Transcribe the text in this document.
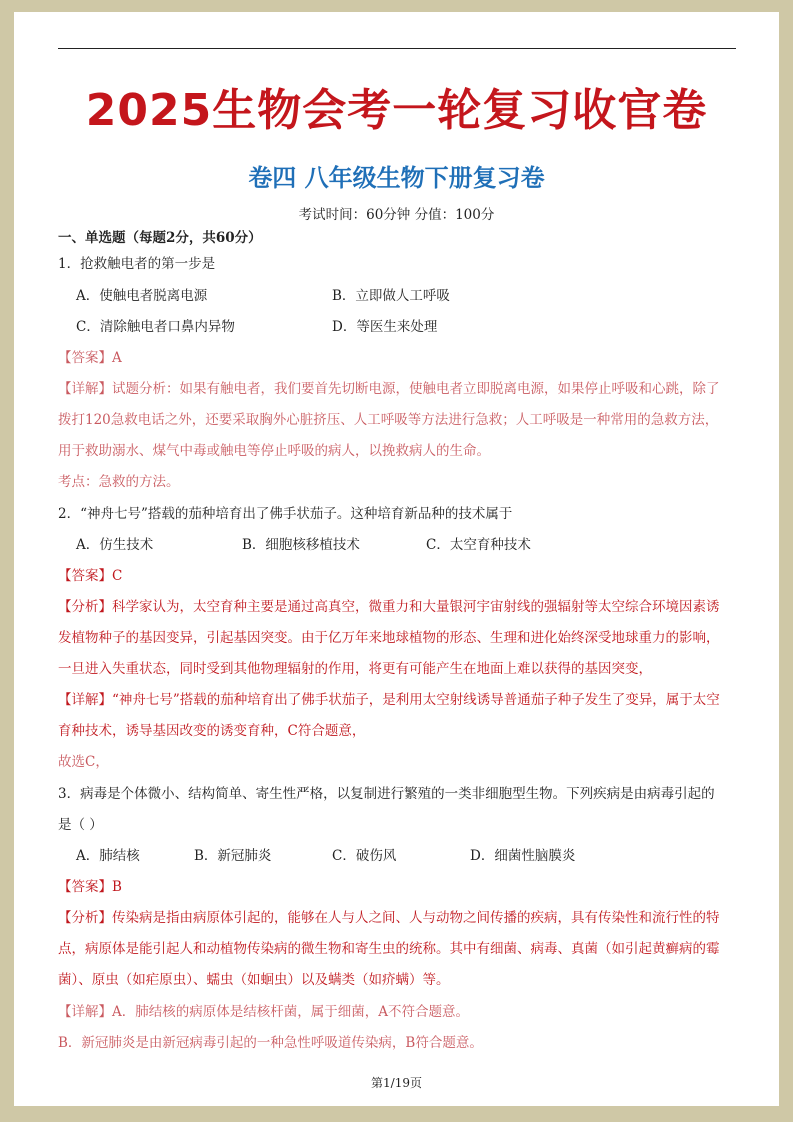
2025生物会考一轮复习收官卷
卷四 八年级生物下册复习卷
考试时间：60分钟 分值：100分
一、单选题（每题2分，共60分）
1．抢救触电者的第一步是
A．使触电者脱离电源	B．立即做人工呼吸
C．清除触电者口鼻内异物	D．等医生来处理
【答案】A
【详解】试题分析：如果有触电者，我们要首先切断电源，使触电者立即脱离电源，如果停止呼吸和心跳，除了
拨打120急救电话之外，还要采取胸外心脏挤压、人工呼吸等方法进行急救；人工呼吸是一种常用的急救方法，
用于救助溺水、煤气中毒或触电等停止呼吸的病人，以挽救病人的生命。
考点：急救的方法。
2．“神舟七号”搭载的茄种培育出了佛手状茄子。这种培育新品种的技术属于
A．仿生技术	B．细胞核移植技术	C．太空育种技术
【答案】C
【分析】科学家认为，太空育种主要是通过高真空，微重力和大量银河宇宙射线的强辐射等太空综合环境因素诱
发植物种子的基因变异，引起基因突变。由于亿万年来地球植物的形态、生理和进化始终深受地球重力的影响，
一旦进入失重状态，同时受到其他物理辐射的作用，将更有可能产生在地面上难以获得的基因突变，
【详解】“神舟七号”搭载的茄种培育出了佛手状茄子，是利用太空射线诱导普通茄子种子发生了变异，属于太空
育种技术，诱导基因改变的诱变育种，C符合题意，
故选C，
3．病毒是个体微小、结构简单、寄生性严格，以复制进行繁殖的一类非细胞型生物。下列疾病是由病毒引起的
是（ ）
A．肺结核	B．新冠肺炎	C．破伤风	D．细菌性脑膜炎
【答案】B
【分析】传染病是指由病原体引起的，能够在人与人之间、人与动物之间传播的疾病，具有传染性和流行性的特
点，病原体是能引起人和动植物传染病的微生物和寄生虫的统称。其中有细菌、病毒、真菌（如引起黄癣病的霉
菌）、原虫（如疟原虫）、蠕虫（如蛔虫）以及螨类（如疥螨）等。
【详解】A．肺结核的病原体是结核杆菌，属于细菌，A不符合题意。
B．新冠肺炎是由新冠病毒引起的一种急性呼吸道传染病，B符合题意。
第1/19页
